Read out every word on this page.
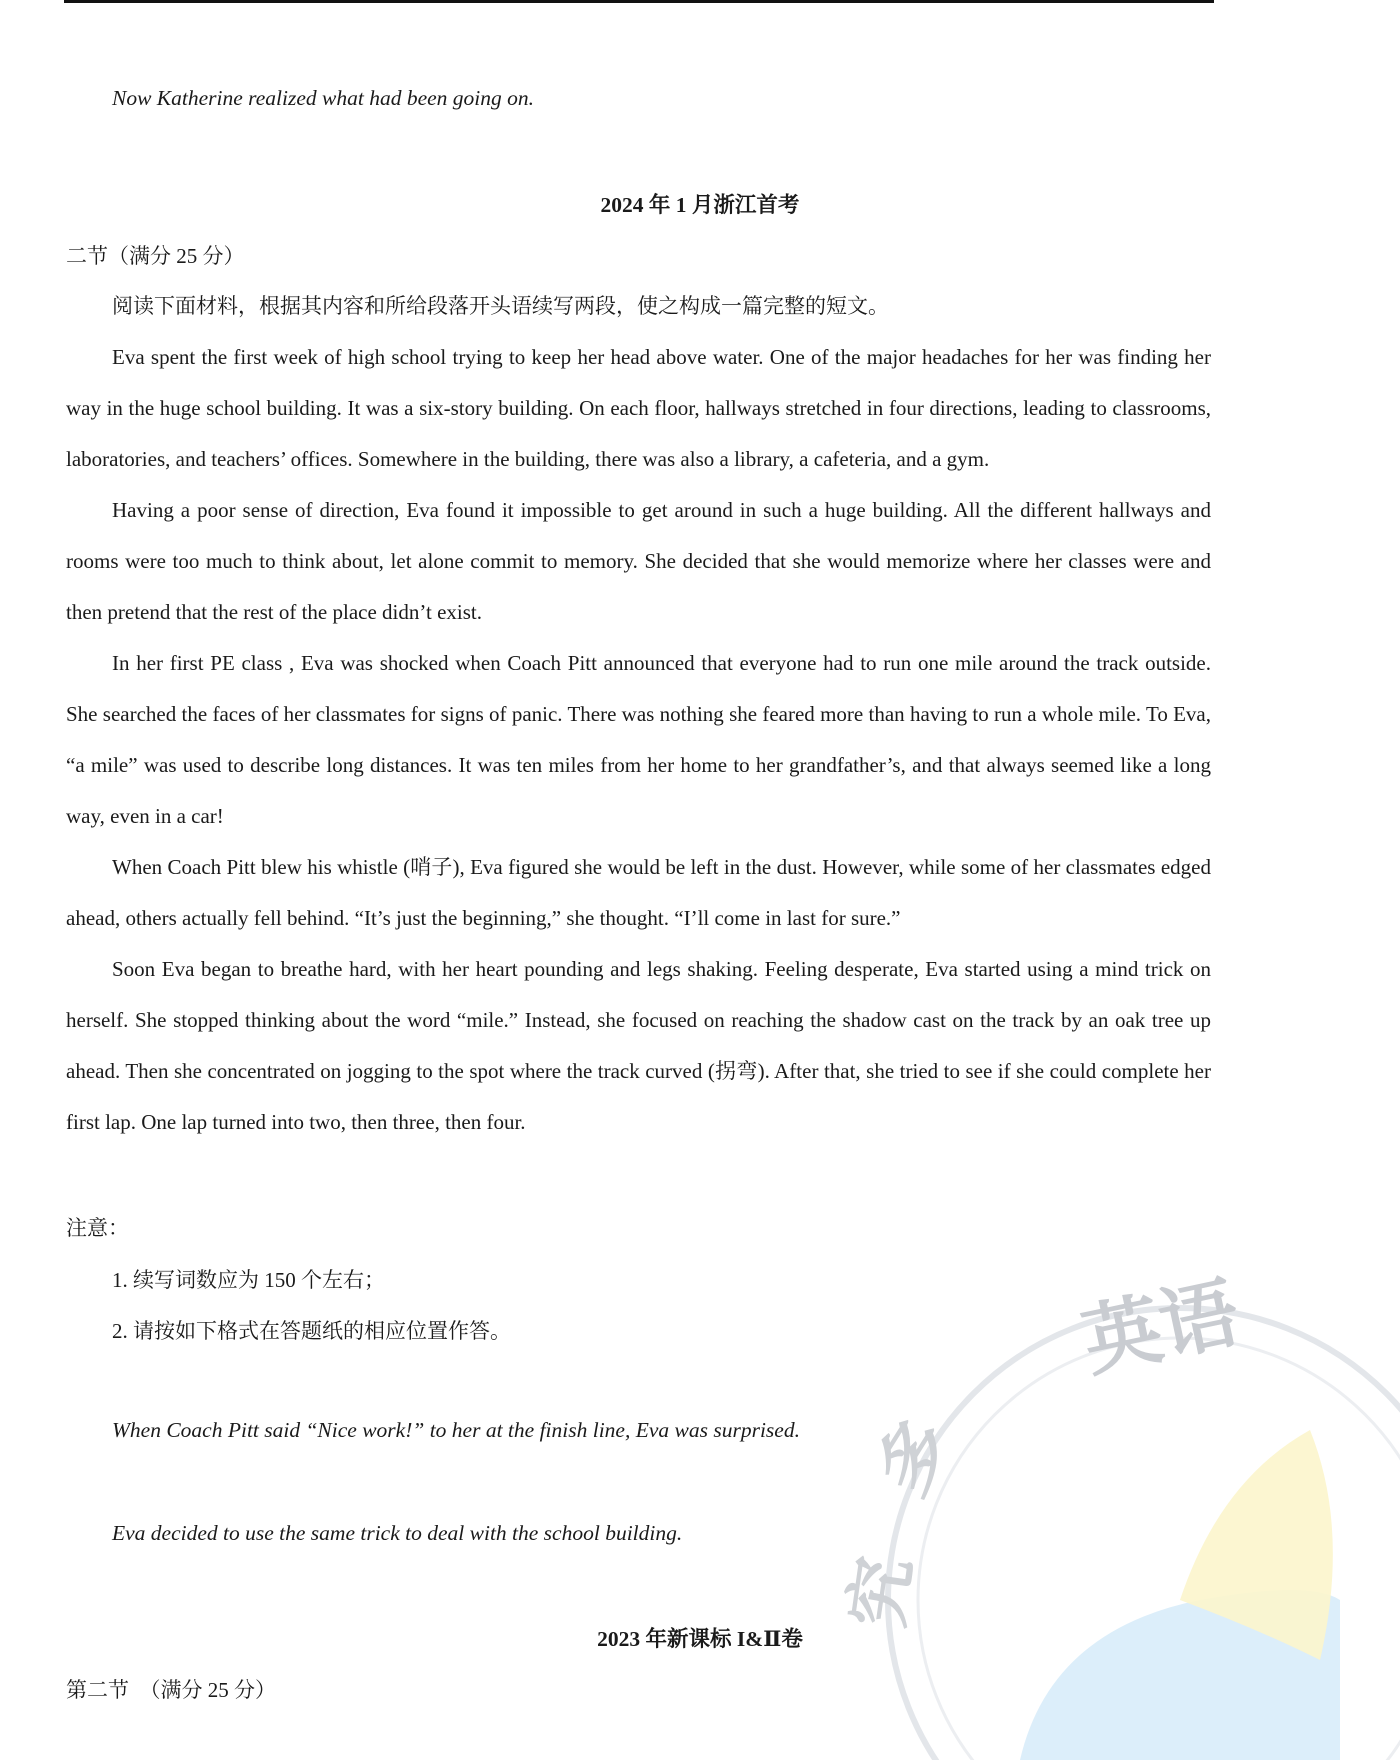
Now Katherine realized what had been going on.

2024 年 1 月浙江首考

二节（满分 25 分）

阅读下面材料，根据其内容和所给段落开头语续写两段，使之构成一篇完整的短文。

Eva spent the first week of high school trying to keep her head above water. One of the major headaches for her was finding her way in the huge school building. It was a six-story building. On each floor, hallways stretched in four directions, leading to classrooms, laboratories, and teachers’ offices. Somewhere in the building, there was also a library, a cafeteria, and a gym.

Having a poor sense of direction, Eva found it impossible to get around in such a huge building. All the different hallways and rooms were too much to think about, let alone commit to memory. She decided that she would memorize where her classes were and then pretend that the rest of the place didn’t exist.

In her first PE class , Eva was shocked when Coach Pitt announced that everyone had to run one mile around the track outside. She searched the faces of her classmates for signs of panic. There was nothing she feared more than having to run a whole mile. To Eva, “a mile” was used to describe long distances. It was ten miles from her home to her grandfather’s, and that always seemed like a long way, even in a car!

When Coach Pitt blew his whistle (哨子), Eva figured she would be left in the dust. However, while some of her classmates edged ahead, others actually fell behind. “It’s just the beginning,” she thought. “I’ll come in last for sure.”

Soon Eva began to breathe hard, with her heart pounding and legs shaking. Feeling desperate, Eva started using a mind trick on herself. She stopped thinking about the word “mile.” Instead, she focused on reaching the shadow cast on the track by an oak tree up ahead. Then she concentrated on jogging to the spot where the track curved (拐弯). After that, she tried to see if she could complete her first lap. One lap turned into two, then three, then four.

注意：

1. 续写词数应为 150 个左右；

2. 请按如下格式在答题纸的相应位置作答。

When Coach Pitt said “Nice work!” to her at the finish line, Eva was surprised.

Eva decided to use the same trick to deal with the school building.

2023 年新课标 I&Ⅱ卷

第二节　（满分 25 分）

英语
多
究
